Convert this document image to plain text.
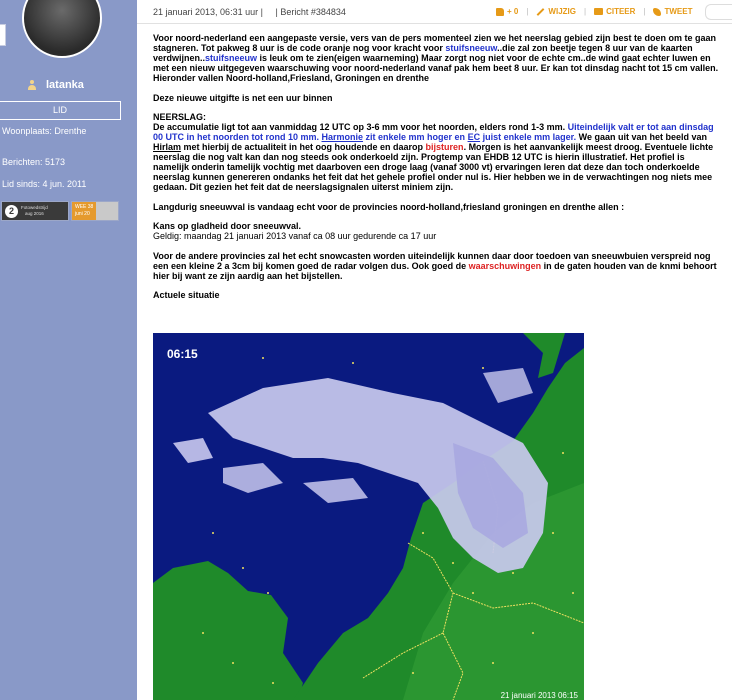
latanka
LID
Woonplaats: Drenthe
Berichten: 5173
Lid sinds: 4 jun. 2011
2	Fotowedstrijd
aug 2016
WEE 38
juni 20
21 januari 2013, 06:31 uur | | Bericht #384834	+ 0 |	WIJZIG |	CITEER | TWEET

Voor noord-nederland een aangepaste versie, vers van de pers momenteel zien we het neerslag gebied zijn best te doen om te gaan stagneren. Tot pakweg 8 uur is de code oranje nog voor kracht voor stuifsneeuw..die zal zon beetje tegen 8 uur van de kaarten verdwijnen..stuifsneeuw is leuk om te zien(eigen waarneming) Maar zorgt nog niet voor de echte cm..de wind gaat echter luwen en met een nieuw uitgegeven waarschuwing voor noord-nederland vanaf pak hem beet 8 uur. Er kan tot dinsdag nacht tot 15 cm vallen. Hieronder vallen Noord-holland,Friesland, Groningen en drenthe

Deze nieuwe uitgifte is net een uur binnen

NEERSLAG:
De accumulatie ligt tot aan vanmiddag 12 UTC op 3-6 mm voor het noorden, elders rond 1-3 mm. Uiteindelijk valt er tot aan dinsdag 00 UTC in het noorden tot rond 10 mm. Harmonie zit enkele mm hoger en EC juist enkele mm lager. We gaan uit van het beeld van Hirlam met hierbij de actualiteit in het oog houdende en daarop bijsturen. Morgen is het aanvankelijk meest droog. Eventuele lichte neerslag die nog valt kan dan nog steeds ook onderkoeld zijn. Progtemp van EHDB 12 UTC is hierin illustratief. Het profiel is namelijk onderin tamelijk vochtig met daarboven een droge laag (vanaf 3000 vt) ervaringen leren dat deze dan toch onderkoelde neerslag kunnen genereren ondanks het feit dat het gehele profiel onder nul is. Hier hebben we in de verwachtingen nog niets mee gedaan. Dit gezien het feit dat de neerslagsignalen uiterst miniem zijn.

Langdurig sneeuwval is vandaag echt voor de provincies noord-holland,friesland groningen en drenthe allen :

Kans op gladheid door sneeuwval.
Geldig: maandag 21 januari 2013 vanaf ca 08 uur gedurende ca 17 uur

Voor de andere provincies zal het echt snowcasten worden uiteindelijk kunnen daar door toedoen van sneeuwbuien verspreid nog een een kleine 2 a 3cm bij komen goed de radar volgen dus. Ook goed de waarschuwingen in de gaten houden van de knmi behoort hier bij want ze zijn aardig aan het bijstellen.

Actuele situatie

06:15
21 januari 2013 06:15
